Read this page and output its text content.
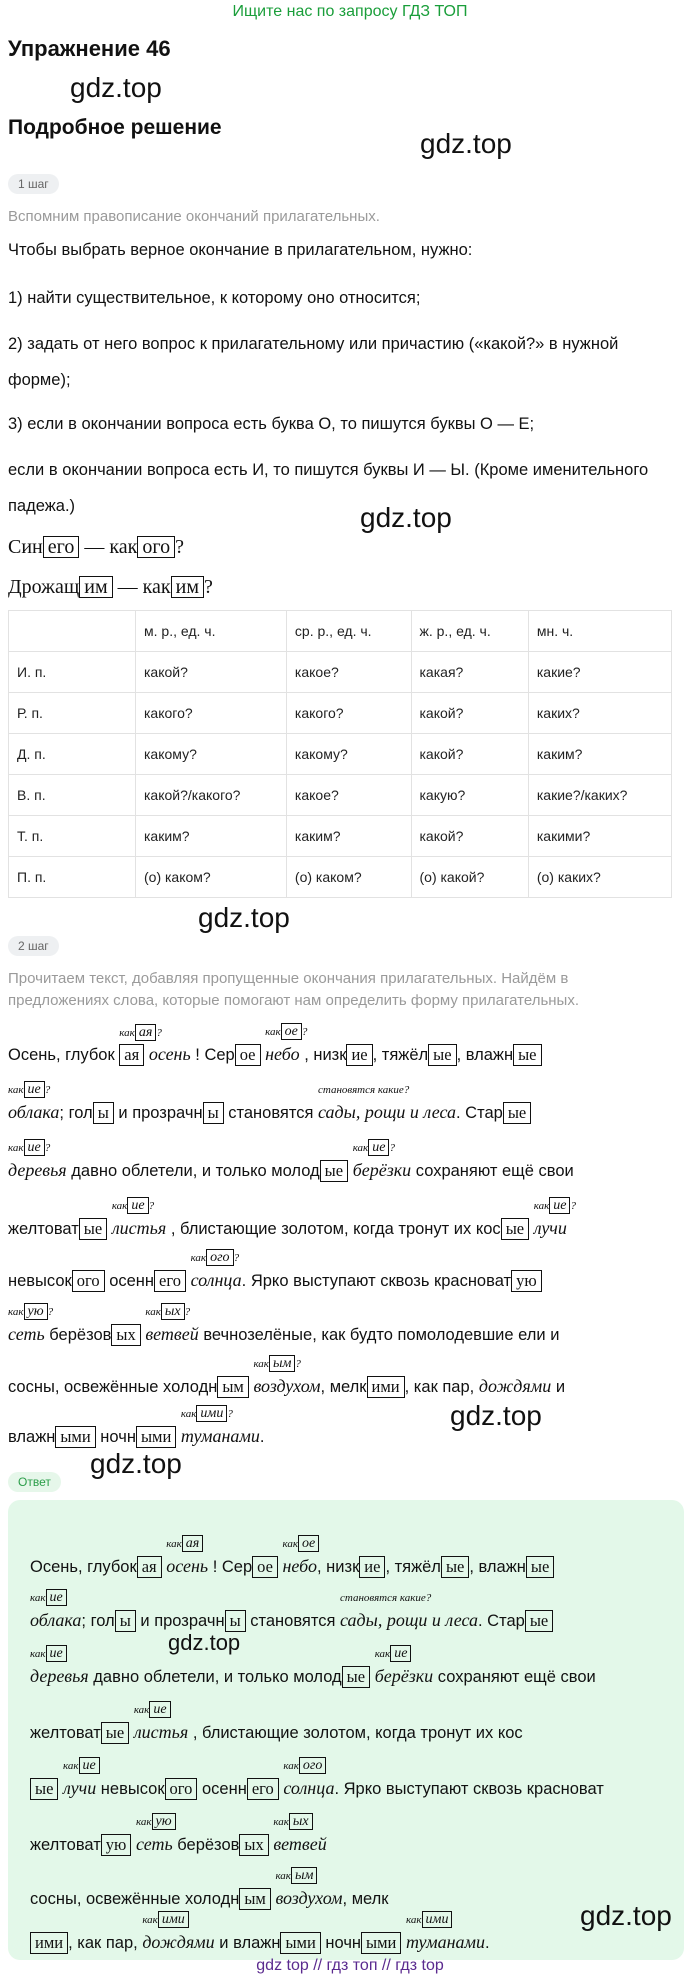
Ищите нас по запросу ГДЗ ТОП
Упражнение 46
gdz.top
Подробное решение
gdz.top
1 шаг
Вспомним правописание окончаний прилагательных.
Чтобы выбрать верное окончание в прилагательном, нужно:
1) найти существительное, к которому оно относится;
2) задать от него вопрос к прилагательному или причастию («какой?» в нужной форме);
3) если в окончании вопроса есть буква О, то пишутся буквы О — Е;
если в окончании вопроса есть И, то пишутся буквы И — Ы. (Кроме именительного падежа.)	gdz.top
Син его — как ого ?
Дрожащ им — как им ?
	м. р., ед. ч.	ср. р., ед. ч.	ж. р., ед. ч.	мн. ч.
И. п.	какой?	какое?	какая?	какие?
Р. п.	какого?	какого?	какой?	каких?
Д. п.	какому?	какому?	какой?	каким?
В. п.	какой?/какого?	какое?	какую?	какие?/каких?
Т. п.	каким?	каким?	какой?	какими?
П. п.	(о) каком?	(о) каком?	(о) какой?	(о) каких?
gdz.top
2 шаг
Прочитаем текст, добавляя пропущенные окончания прилагательных. Найдём в предложениях слова, которые помогают нам определить форму прилагательных.
Осень, глубок
как ая ?
ая осень ! Сер ое
как ое ?
небо , низк ие , тяжёл ые , влажн ые
как ие ?
облака; гол ы и прозрачн ы становятся
становятся какие?
сады, рощи и леса. Стар ые
как ие ?
деревья давно облетели, и только молод ые
как ие ?
берёзки сохраняют ещё свои
желтоват ые
как ие ?
листья , блистающие золотом, когда тронут их кос ые
как ие ?
лучи
невысок ого осенн его
как ого ?
солнца. Ярко выступают сквозь красноват ую
как ую ?
сеть берёзов ых
как ых ?
ветвей вечнозелёные, как будто помолодевшие ели и
сосны, освежённые холодн ым
как ым ?
воздухом, мелк ими , как пар, дождями и
влажн ыми ночн ыми
как ими ?
туманами.
gdz.top
gdz.top
Ответ
Осень, глубок ая
как ая
осень ! Сер ое
как ое
небо, низк ие , тяжёл ые , влажн ые
как ие
облака; гол ы и прозрачн ы становятся
становятся какие?
сады, рощи и леса. Стар ые
как ие
деревья давно облетели, и только молод ые
как ие
берёзки сохраняют ещё свои
желтоват ые
как ие
листья , блистающие золотом, когда тронут их кос
ые
как ие
лучи невысок ого осенн его
как ого
солнца. Ярко выступают сквозь красноват
желтоват ую
как ую
сеть берёзов ых
как ых
ветвей
сосны, освежённые холодн ым
как ым
воздухом, мелк
ими , как пар,
как ими
дождями и влажн ыми ночн ыми
как ими
туманами.
gdz.top
gdz.top
gdz top // гдз топ // гдз top
